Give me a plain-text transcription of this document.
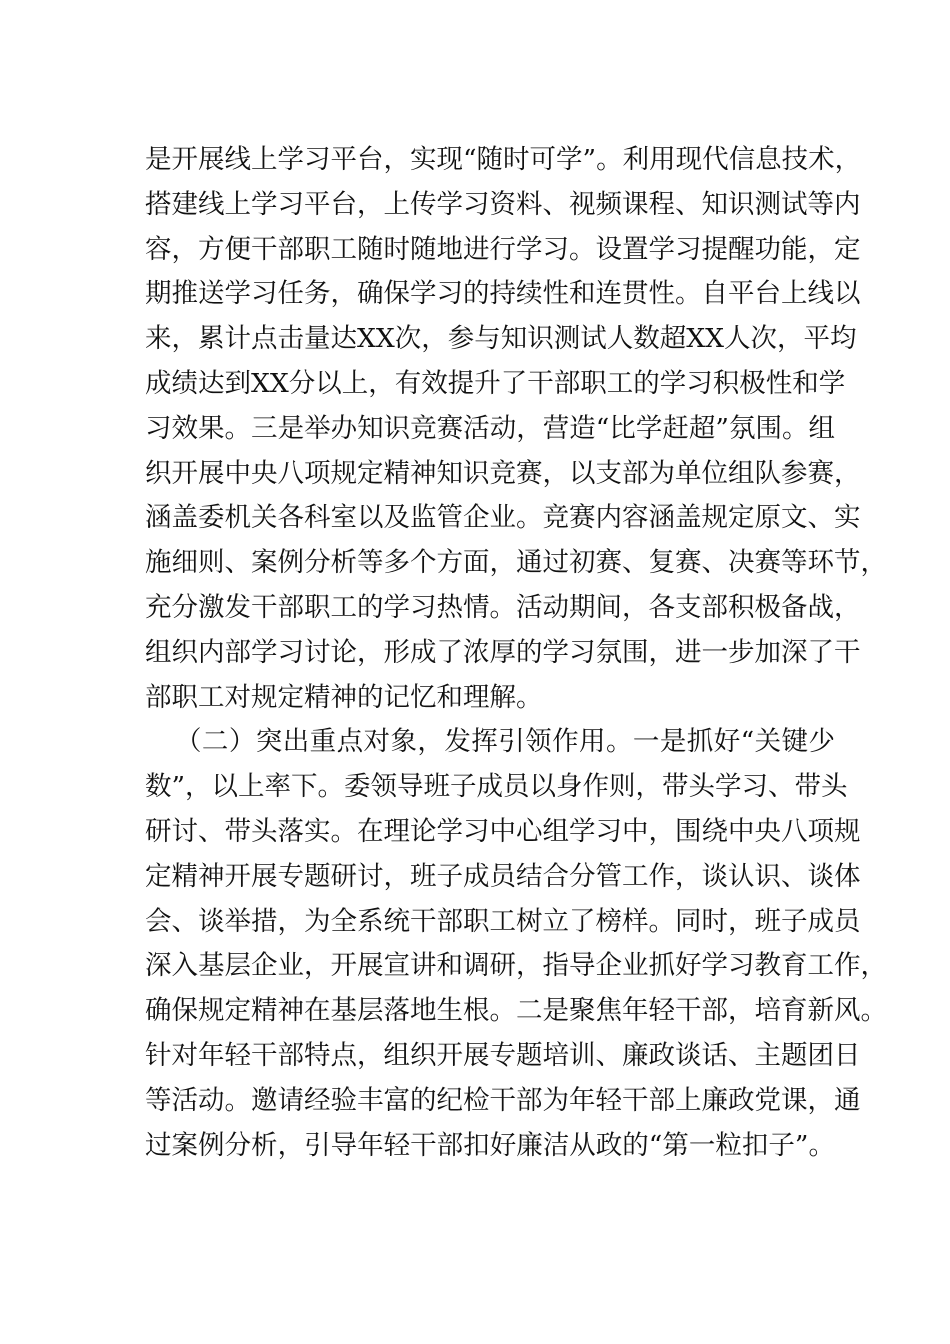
是开展线上学习平台，实现“随时可学”。利用现代信息技术，
搭建线上学习平台，上传学习资料、视频课程、知识测试等内
容，方便干部职工随时随地进行学习。设置学习提醒功能，定
期推送学习任务，确保学习的持续性和连贯性。自平台上线以
来，累计点击量达XX次，参与知识测试人数超XX人次，平均
成绩达到XX分以上，有效提升了干部职工的学习积极性和学
习效果。三是举办知识竞赛活动，营造“比学赶超”氛围。组
织开展中央八项规定精神知识竞赛，以支部为单位组队参赛，
涵盖委机关各科室以及监管企业。竞赛内容涵盖规定原文、实
施细则、案例分析等多个方面，通过初赛、复赛、决赛等环节，
充分激发干部职工的学习热情。活动期间，各支部积极备战，
组织内部学习讨论，形成了浓厚的学习氛围，进一步加深了干
部职工对规定精神的记忆和理解。
（二）突出重点对象，发挥引领作用。一是抓好“关键少
数”，以上率下。委领导班子成员以身作则，带头学习、带头
研讨、带头落实。在理论学习中心组学习中，围绕中央八项规
定精神开展专题研讨，班子成员结合分管工作，谈认识、谈体
会、谈举措，为全系统干部职工树立了榜样。同时，班子成员
深入基层企业，开展宣讲和调研，指导企业抓好学习教育工作，
确保规定精神在基层落地生根。二是聚焦年轻干部，培育新风。
针对年轻干部特点，组织开展专题培训、廉政谈话、主题团日
等活动。邀请经验丰富的纪检干部为年轻干部上廉政党课，通
过案例分析，引导年轻干部扣好廉洁从政的“第一粒扣子”。
